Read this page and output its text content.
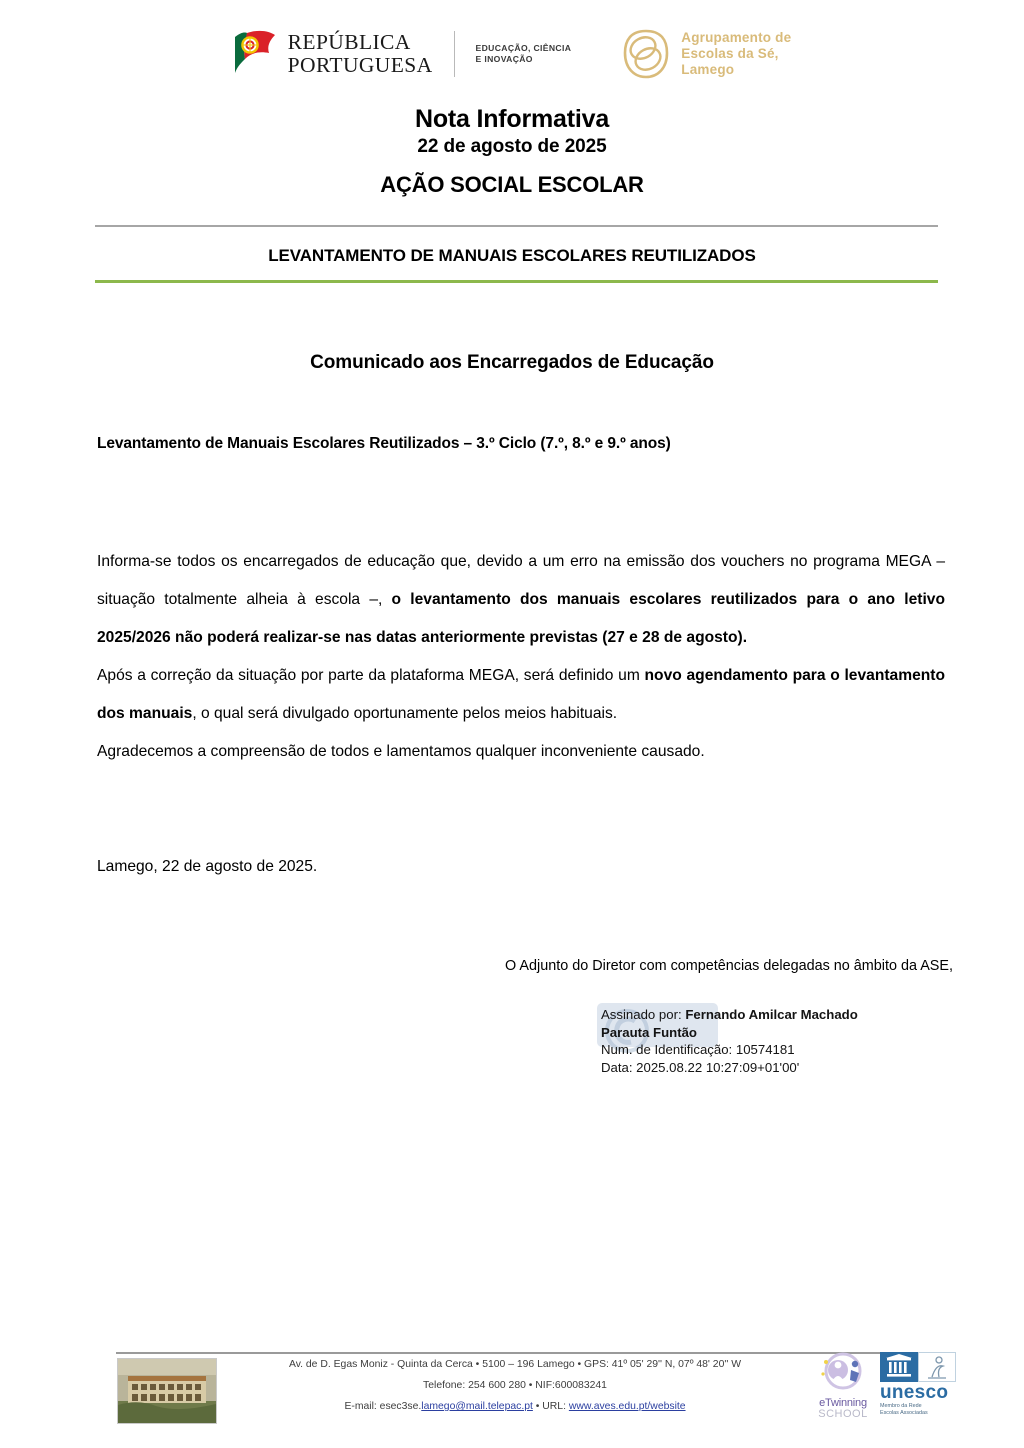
REPÚBLICA
PORTUGUESA
EDUCAÇÃO, CIÊNCIA
E INOVAÇÃO
Agrupamento de
Escolas da Sé,
Lamego
Nota Informativa
22 de agosto de 2025
AÇÃO SOCIAL ESCOLAR
LEVANTAMENTO DE MANUAIS ESCOLARES REUTILIZADOS
Comunicado aos Encarregados de Educação
Levantamento de Manuais Escolares Reutilizados – 3.º Ciclo (7.º, 8.º e 9.º anos)

Informa-se todos os encarregados de educação que, devido a um erro na emissão dos vouchers no programa MEGA – situação totalmente alheia à escola –, o levantamento dos manuais escolares reutilizados para o ano letivo 2025/2026 não poderá realizar-se nas datas anteriormente previstas (27 e 28 de agosto).

Após a correção da situação por parte da plataforma MEGA, será definido um novo agendamento para o levantamento dos manuais, o qual será divulgado oportunamente pelos meios habituais.

Agradecemos a compreensão de todos e lamentamos qualquer inconveniente causado.

Lamego, 22 de agosto de 2025.
O Adjunto do Diretor com competências delegadas no âmbito da ASE,
Assinado por: Fernando Amilcar Machado Parauta Funtão
Num. de Identificação: 10574181
Data: 2025.08.22 10:27:09+01'00'
Av. de D. Egas Moniz - Quinta da Cerca • 5100 – 196 Lamego • GPS: 41º 05' 29'' N, 07º 48' 20'' W
Telefone: 254 600 280 • NIF:600083241
E-mail: esec3se.lamego@mail.telepac.pt • URL: www.aves.edu.pt/website	eTwinning
SCHOOL
unesco
Membro da Rede
Escolas Associadas
